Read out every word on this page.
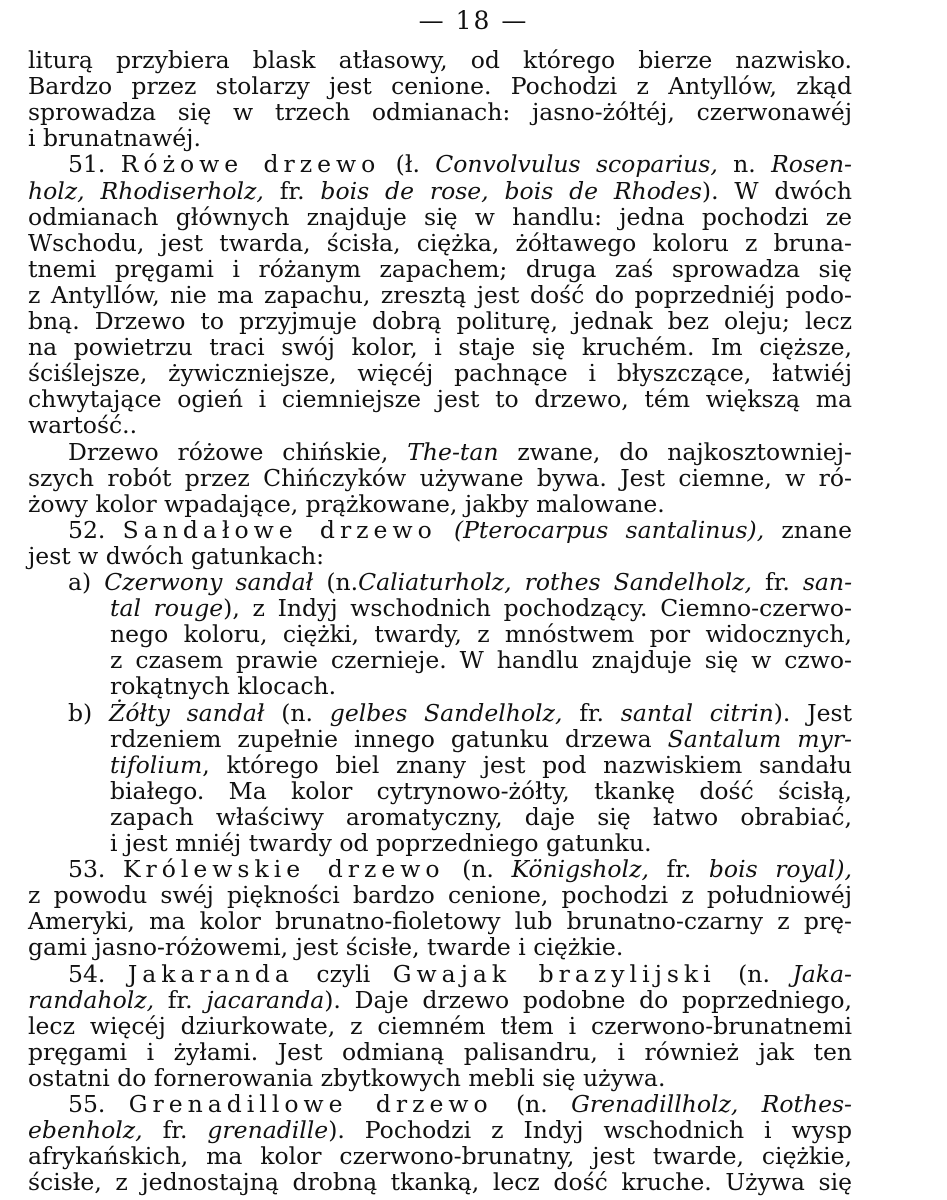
— 18 —
liturą przybiera blask atłasowy, od którego bierze nazwisko.
Bardzo przez stolarzy jest cenione. Pochodzi z Antyllów, zkąd
sprowadza się w trzech odmianach: jasno-żółtéj, czerwonawéj
i brunatnawéj.
51. Różowe drzewo (ł. Convolvulus scoparius, n. Rosen-
holz, Rhodiserholz, fr. bois de rose, bois de Rhodes). W dwóch
odmianach głównych znajduje się w handlu: jedna pochodzi ze
Wschodu, jest twarda, ścisła, ciężka, żółtawego koloru z bruna-
tnemi pręgami i różanym zapachem; druga zaś sprowadza się
z Antyllów, nie ma zapachu, zresztą jest dość do poprzedniéj podo-
bną. Drzewo to przyjmuje dobrą politurę, jednak bez oleju; lecz
na powietrzu traci swój kolor, i staje się kruchém. Im cięższe,
ściślejsze, żywiczniejsze, więcéj pachnące i błyszczące, łatwiéj
chwytające ogień i ciemniejsze jest to drzewo, tém większą ma
wartość..
Drzewo różowe chińskie, The-tan zwane, do najkosztowniej-
szych robót przez Chińczyków używane bywa. Jest ciemne, w ró-
żowy kolor wpadające, prążkowane, jakby malowane.
52. Sandałowe drzewo (Pterocarpus santalinus), znane
jest w dwóch gatunkach:
a) Czerwony sandał (n.Caliaturholz, rothes Sandelholz, fr. san-
tal rouge), z Indyj wschodnich pochodzący. Ciemno-czerwo-
nego koloru, ciężki, twardy, z mnóstwem por widocznych,
z czasem prawie czernieje. W handlu znajduje się w czwo-
rokątnych klocach.
b) Żółty sandał (n. gelbes Sandelholz, fr. santal citrin). Jest
rdzeniem zupełnie innego gatunku drzewa Santalum myr-
tifolium, którego biel znany jest pod nazwiskiem sandału
białego. Ma kolor cytrynowo-żółty, tkankę dość ścisłą,
zapach właściwy aromatyczny, daje się łatwo obrabiać,
i jest mniéj twardy od poprzedniego gatunku.
53. Królewskie drzewo (n. Königsholz, fr. bois royal),
z powodu swéj piękności bardzo cenione, pochodzi z południowéj
Ameryki, ma kolor brunatno-fioletowy lub brunatno-czarny z prę-
gami jasno-różowemi, jest ścisłe, twarde i ciężkie.
54. Jakaranda czyli Gwajak brazylijski (n. Jaka-
randaholz, fr. jacaranda). Daje drzewo podobne do poprzedniego,
lecz więcéj dziurkowate, z ciemném tłem i czerwono-brunatnemi
pręgami i żyłami. Jest odmianą palisandru, i również jak ten
ostatni do fornerowania zbytkowych mebli się używa.
55. Grenadillowe drzewo (n. Grenadillholz, Rothes-
ebenholz, fr. grenadille). Pochodzi z Indyj wschodnich i wysp
afrykańskich, ma kolor czerwono-brunatny, jest twarde, ciężkie,
ścisłe, z jednostajną drobną tkanką, lecz dość kruche. Używa się
